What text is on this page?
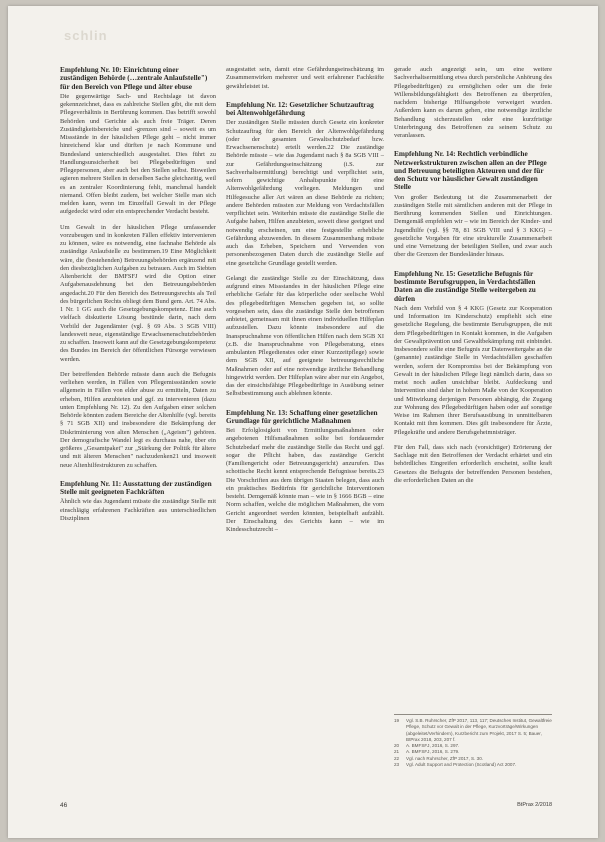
schlin
Empfehlung Nr. 10: Einrichtung einer zuständigen Behörde (…zentrale Anlaufstelle") für den Bereich von Pflege und älter ebuse

Die gegenwärtige Sach- und Rechtslage ist davon gekennzeichnet, dass es zahlreiche Stellen gibt, die mit dem Pflegeverhältnis in Berührung kommen. Das betrifft sowohl Behörden und Gerichte als auch freie Träger. Deren Zuständigkeitsbereiche und -grenzen sind – soweit es um Missstände in der häuslichen Pflege geht – nicht immer hinreichend klar und dürften je nach Kommune und Bundesland unterschiedlich ausgestaltet. Dies führt zu Handlungsunsicherheit bei Pflegebedürftigen und Pflegepersonen, aber auch bei den Stellen selbst. Bisweilen agieren mehrere Stellen in derselben Sache gleichzeitig, weil es an zentraler Koordinierung fehlt, manchmal handelt niemand. Offen bleibt zudem, bei welcher Stelle man sich melden kann, wenn im Einzelfall Gewalt in der Pflege aufgedeckt wird oder ein entsprechender Verdacht besteht.

Um Gewalt in der häuslichen Pflege umfassender vorzubeugen und in konkreten Fällen effektiv intervenieren zu können, wäre es notwendig, eine fachnahe Behörde als zuständige Anlaufstelle zu bestimmen.19 Eine Möglichkeit wäre, die (bestehenden) Betreuungsbehörden ergänzend mit den diesbezüglichen Aufgaben zu betrauen. Auch im Siebten Altenbericht der BMFSFJ wird die Option einer Aufgabenausdehnung bei den Betreuungsbehörden angedacht.20 Für den Bereich des Betreuungsrechts als Teil des bürgerlichen Rechts obliegt dem Bund gem. Art. 74 Abs. 1 Nr. 1 GG auch die Gesetzgebungskompetenz. Eine auch vielfach diskutierte Lösung bestünde darin, nach dem Vorbild der Jugendämter (vgl. § 69 Abs. 3 SGB VIII) landesweit neue, eigenständige Erwachsenenschutzbehörden zu schaffen. Insoweit kann auf die Gesetzgebungskompetenz des Bundes im Bereich der öffentlichen Fürsorge verwiesen werden.

Der betreffenden Behörde müsste dann auch die Befugnis verliehen werden, in Fällen von Pflegemissständen sowie allgemein in Fällen von elder abuse zu ermitteln, Daten zu erheben, Hilfen anzubieten und ggf. zu intervenieren (dazu unten Empfehlung Nr. 12). Zu den Aufgaben einer solchen Behörde könnten zudem Bereiche der Altenhilfe (vgl. bereits § 71 SGB XII) und insbesondere die Bekämpfung der Diskriminierung von alten Menschen („Ageism") gehören. Der demografische Wandel legt es durchaus nahe, über ein größeres „Gesamtpaket" zur „Stärkung der Politik für ältere und mit älteren Menschen" nachzudenken21 und insoweit neue Altenhilfestrukturen zu schaffen.

Empfehlung Nr. 11: Ausstattung der zuständigen Stelle mit geeigneten Fachkräften

Ähnlich wie das Jugendamt müsste die zuständige Stelle mit einschlägig erfahrenen Fachkräften aus unterschiedlichen Disziplinen

ausgestattet sein, damit eine Gefährdungseinschätzung im Zusammenwirken mehrerer und weit erfahrener Fachkräfte gewährleistet ist.

Empfehlung Nr. 12: Gesetzlicher Schutzauftrag bei Altenwohlgefährdung

Der zuständigen Stelle müssten durch Gesetz ein konkreter Schutzauftrag für den Bereich der Altenwohlgefährdung (oder der gesamten Gewaltschutzbedarf bzw. Erwachsenenschutz) erteilt werden.22 Die zuständige Behörde müsste – wie das Jugendamt nach § 8a SGB VIII – zur Gefährdungseinschätzung (i.S. zur Sachverhaltsermittlung) berechtigt und verpflichtet sein, sofern gewichtige Anhaltspunkte für eine Altenwohlgefährdung vorliegen. Meldungen und Hilfegesuche aller Art wären an diese Behörde zu richten; andere Behörden müssten zur Meldung von Verdachtsfällen verpflichtet sein. Weiterhin müsste die zuständige Stelle die Aufgabe haben, Hilfen anzubieten, soweit diese geeignet und notwendig erscheinen, um eine festgestellte erhebliche Gefährdung abzuwenden. In diesem Zusammenhang müsste auch das Erheben, Speichern und Verwenden von personenbezogenen Daten durch die zuständige Stelle auf eine gesetzliche Grundlage gestellt werden.

Gelangt die zuständige Stelle zu der Einschätzung, dass aufgrund eines Missstandes in der häuslichen Pflege eine erhebliche Gefahr für das körperliche oder seelische Wohl des pflegebedürftigen Menschen gegeben ist, so sollte vorgesehen sein, dass die zuständige Stelle den betroffenen anbietet, gemeinsam mit ihnen einen individuellen Hilfeplan aufzustellen. Dazu könnte insbesondere auf die Inanspruchnahme von öffentlichen Hilfen nach dem SGB XI (z.B. die Inanspruchnahme von Pflegeberatung, eines ambulanten Pflegedienstes oder einer Kurzzeitpflege) sowie dem SGB XII, auf geeignete betreuungsrechtliche Maßnahmen oder auf eine notwendige ärztliche Behandlung hingewirkt werden. Der Hilfeplan wäre aber nur ein Angebot, das der einsichtsfähige Pflegebedürftige in Ausübung seiner Selbstbestimmung auch ablehnen könnte.

Empfehlung Nr. 13: Schaffung einer gesetzlichen Grundlage für gerichtliche Maßnahmen

Bei Erfolglosigkeit von Ermittlungsmaßnahmen oder angebotenen Hilfsmaßnahmen sollte bei fortdauernder Schutzbedarf mehr die zuständige Stelle das Recht und ggf. sogar die Pflicht haben, das zuständige Gericht (Familiengericht oder Betreuungsgericht) anzurufen. Das schottische Recht kennt entsprechende Befugnisse bereits.23 Die Vorschriften aus dem übrigen Staaten belegen, dass auch ein praktisches Bedürfnis für gerichtliche Interventionen besteht. Demgemäß könnte man – wie in § 1666 BGB – eine Norm schaffen, welche die möglichen Maßnahmen, die vom Gericht angeordnet werden könnten, beispielhaft aufzählt. Der Einschaltung des Gerichts kann – wie im Kindesschutzrecht –

gerade auch angezeigt sein, um eine weitere Sachverhaltsermittlung etwa durch persönliche Anhörung des Pflegebedürftigen) zu ermöglichen oder um die freie Willensbildungsfähigkeit des Betroffenen zu überprüfen, nachdem bisherige Hilfsangebote verweigert wurden. Außerdem kann es darum gehen, eine notwendige ärztliche Behandlung sicherzustellen oder eine kurzfristige Unterbringung des Betroffenen zu seinem Schutz zu veranlassen.

Empfehlung Nr. 14: Rechtlich verbindliche Netzwerkstrukturen zwischen allen an der Pflege und Betreuung beteiligten Akteuren und der für den Schutz vor häuslicher Gewalt zuständigen Stelle

Von großer Bedeutung ist die Zusammenarbeit der zuständigen Stelle mit sämtlichen anderen mit der Pflege in Berührung kommenden Stellen und Einrichtungen. Demgemäß empfehlen wir – wie im Bereich der Kinder- und Jugendhilfe (vgl. §§ 78, 81 SGB VIII und § 3 KKG) – gesetzliche Vorgaben für eine strukturelle Zusammenarbeit und eine Vernetzung der beteiligten Stellen, und zwar auch über die Grenzen der Bundesländer hinaus.

Empfehlung Nr. 15: Gesetzliche Befugnis für bestimmte Berufsgruppen, in Verdachtsfällen Daten an die zuständige Stelle weitergeben zu dürfen

Nach dem Vorbild von § 4 KKG (Gesetz zur Kooperation und Information im Kinderschutz) empfiehlt sich eine gesetzliche Regelung, die bestimmte Berufsgruppen, die mit dem Pflegebedürftigen in Kontakt kommen, in die Aufgaben der Gewaltprävention und Gewaltbekämpfung mit einbindet. Insbesondere sollte eine Befugnis zur Datenweitergabe an die (genannte) zuständige Stelle in Verdachtsfällen geschaffen werden, sofern der Kompromiss bei der Bekämpfung von Gewalt in der häuslichen Pflege liegt nämlich darin, dass so meist noch außen unsichtbar bleibt. Aufdeckung und Intervention sind daher in hohem Maße von der Kooperation und Mitwirkung derjenigen Personen abhängig, die Zugang zur Wohnung des Pflegebedürftigen haben oder auf sonstige Weise im Rahmen ihrer Berufsausübung in unmittelbaren Kontakt mit ihm kommen. Dies gilt insbesondere für Ärzte, Pflegekräfte und andere Berufsgeheimnisträger.

Für den Fall, dass sich nach (vorsichtiger) Erörterung der Sachlage mit den Betroffenen der Verdacht erhärtet und ein behördliches Eingreifen erforderlich erscheint, sollte kraft Gesetzes die Befugnis der betreffenden Personen bestehen, die erforderlichen Daten an die

19	Vgl. S.B. Ruhrscher, ZfP 2017, 113, 117; Deutsches Institut, Gewaltfreie Pflege, Schutz vor Gewalt in der Pflege, Kurzvorträge/Wirkungen (abgeleitet/Verhindern), Kurzbericht zum Projekt, 2017 S. 5; Bauer, BtPrax 2018, 203, 207 f.
20	A. BMFSFJ, 2016, S. 297.
21	A. BMFSFJ, 2016, S. 279.
22	Vgl. nach Ruhrscher, ZfP 2017, S. 30.
23	Vgl. Adult Support and Protection (Scotland) Act 2007.
46	BtPrax 2/2018
